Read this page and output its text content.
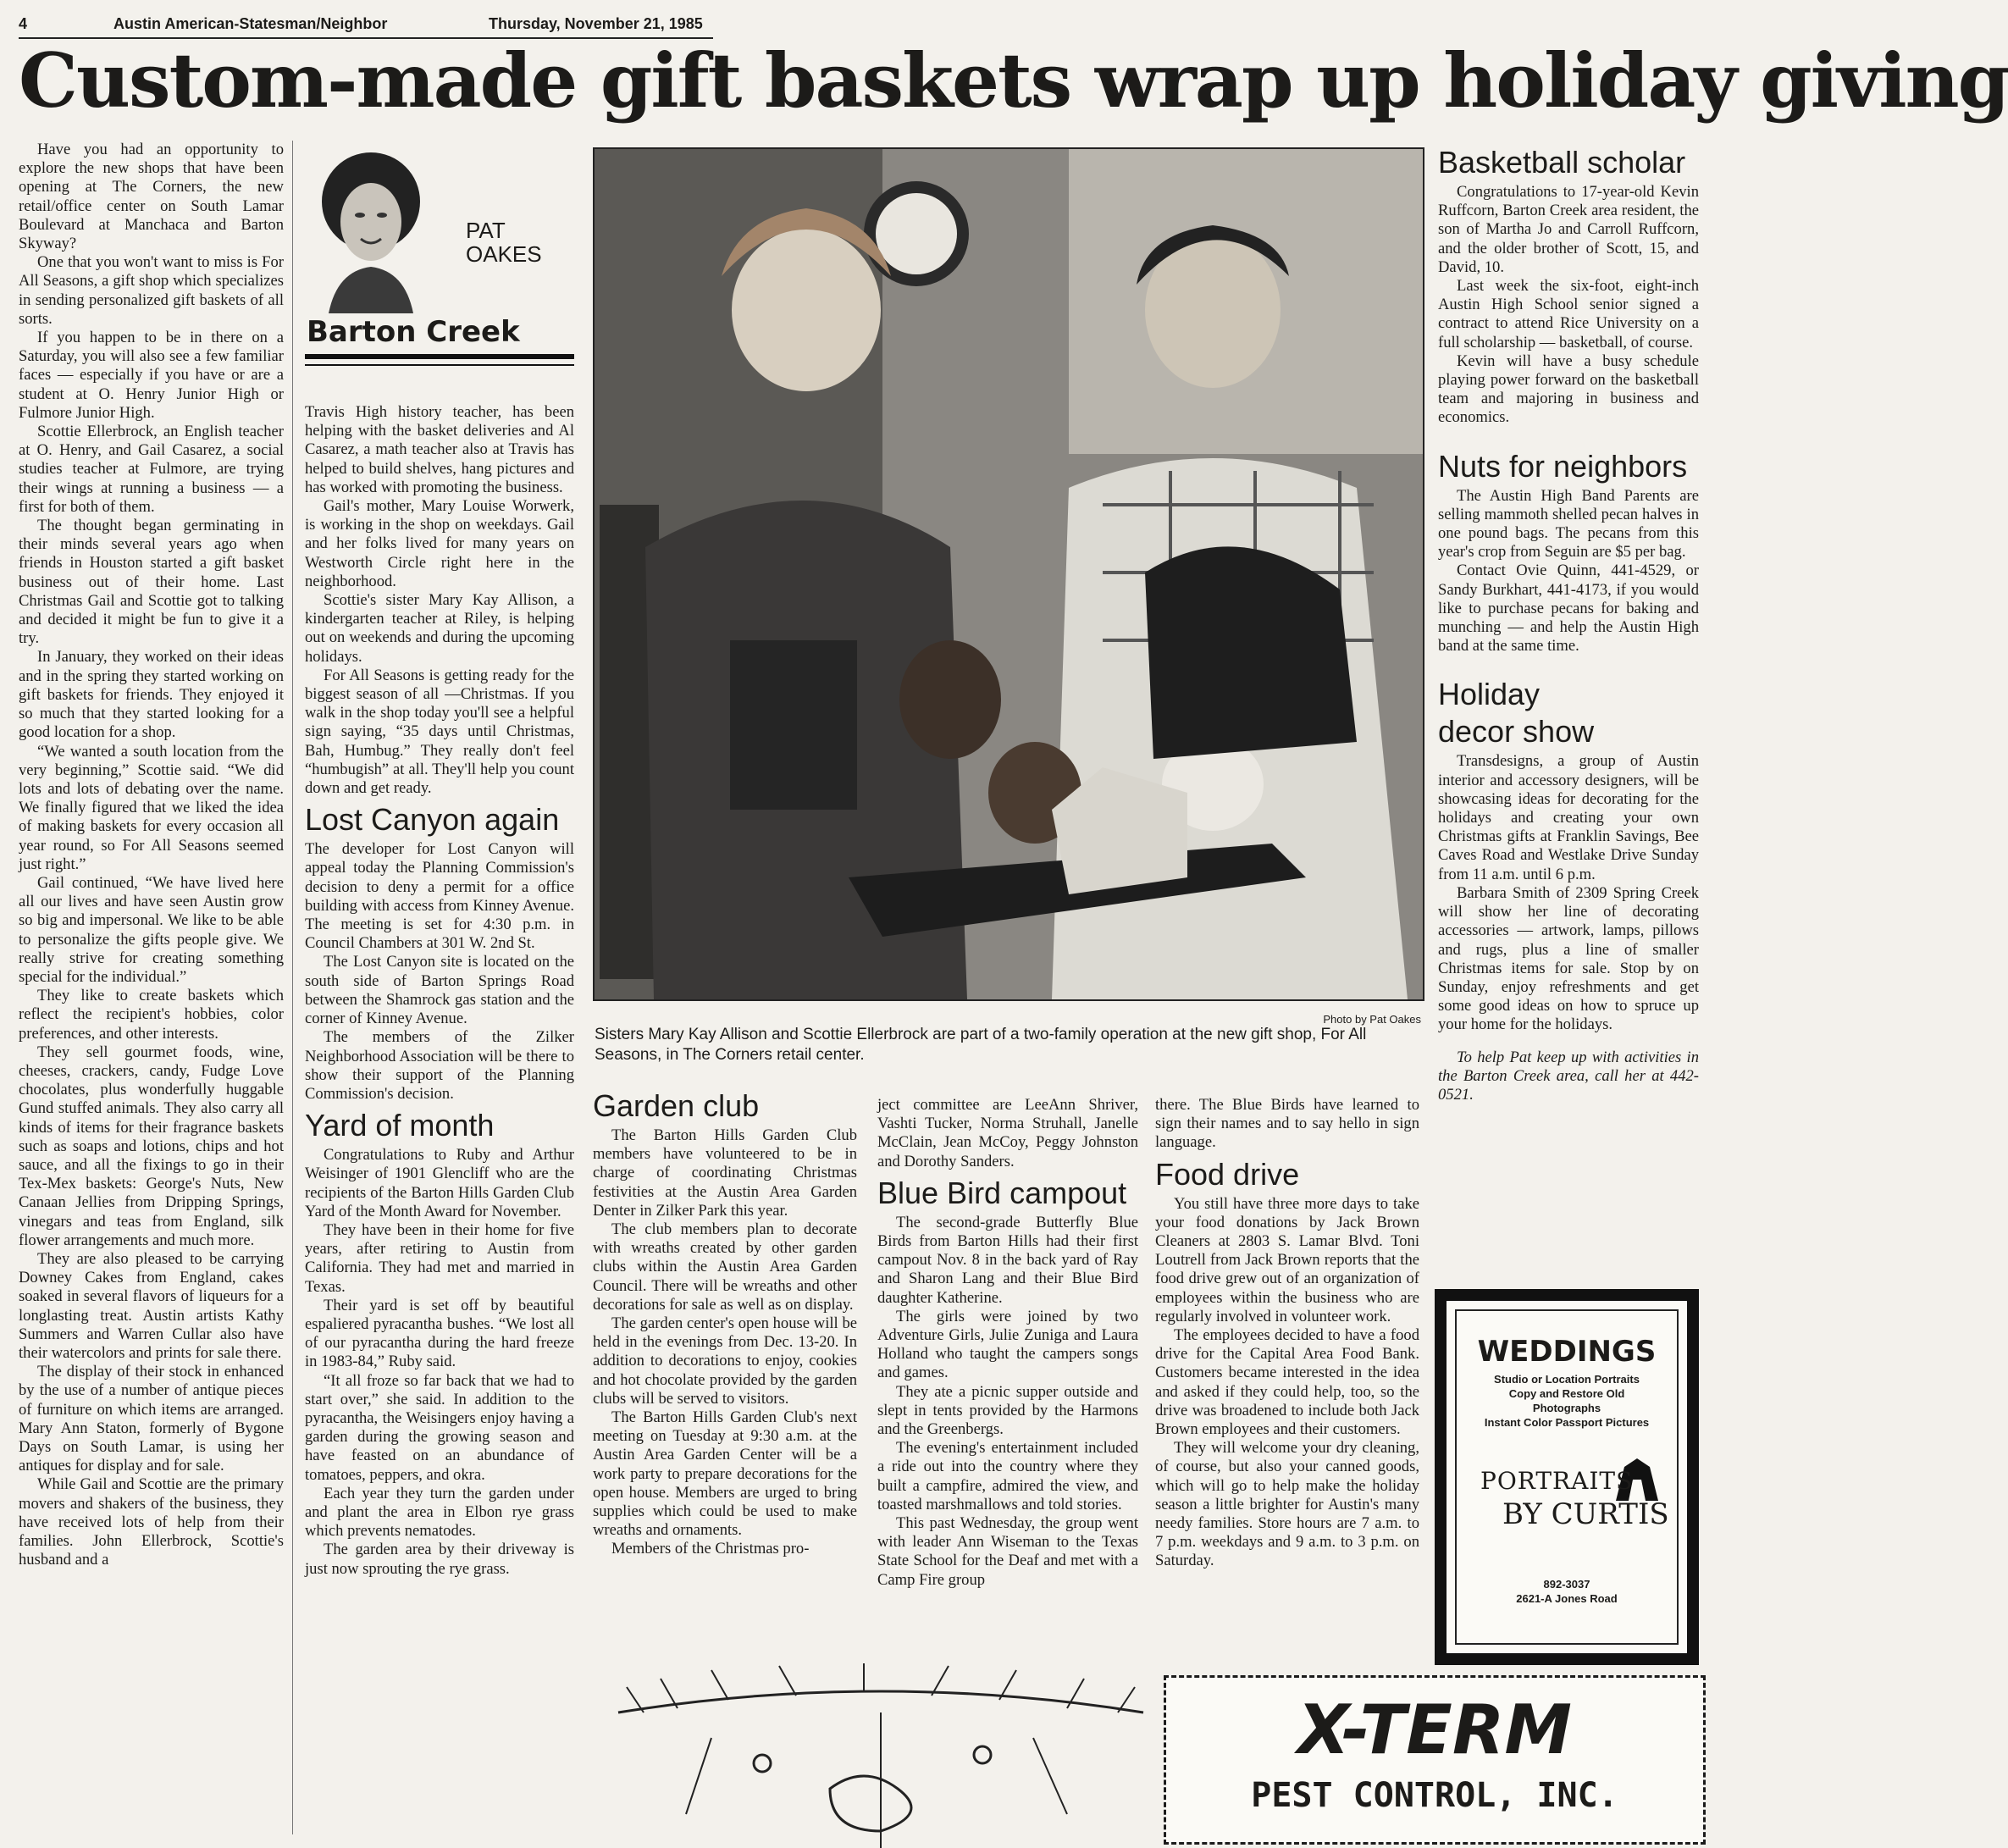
4	Austin American-Statesman/Neighbor	Thursday, November 21, 1985
Custom-made gift baskets wrap up holiday giving

Have you had an opportunity to explore the new shops that have been opening at The Corners, the new retail/office center on South Lamar Boulevard at Manchaca and Barton Skyway?

One that you won't want to miss is For All Seasons, a gift shop which specializes in sending personalized gift baskets of all sorts.

If you happen to be in there on a Saturday, you will also see a few familiar faces — especially if you have or are a student at O. Henry Junior High or Fulmore Junior High.

Scottie Ellerbrock, an English teacher at O. Henry, and Gail Casarez, a social studies teacher at Fulmore, are trying their wings at running a business — a first for both of them.

The thought began germinating in their minds several years ago when friends in Houston started a gift basket business out of their home. Last Christmas Gail and Scottie got to talking and decided it might be fun to give it a try.

In January, they worked on their ideas and in the spring they started working on gift baskets for friends. They enjoyed it so much that they started looking for a good location for a shop.

“We wanted a south location from the very beginning,” Scottie said. “We did lots and lots of debating over the name. We finally figured that we liked the idea of making baskets for every occasion all year round, so For All Seasons seemed just right.”

Gail continued, “We have lived here all our lives and have seen Austin grow so big and impersonal. We like to be able to personalize the gifts people give. We really strive for creating something special for the individual.”

They like to create baskets which reflect the recipient's hobbies, color preferences, and other interests.

They sell gourmet foods, wine, cheeses, crackers, candy, Fudge Love chocolates, plus wonderfully huggable Gund stuffed animals. They also carry all kinds of items for their fragrance baskets such as soaps and lotions, chips and hot sauce, and all the fixings to go in their Tex-Mex baskets: George's Nuts, New Canaan Jellies from Dripping Springs, vinegars and teas from England, silk flower arrangements and much more.

They are also pleased to be carrying Downey Cakes from England, cakes soaked in several flavors of liqueurs for a longlasting treat. Austin artists Kathy Summers and Warren Cullar also have their watercolors and prints for sale there.

The display of their stock in enhanced by the use of a number of antique pieces of furniture on which items are arranged. Mary Ann Staton, formerly of Bygone Days on South Lamar, is using her antiques for display and for sale.

While Gail and Scottie are the primary movers and shakers of the business, they have received lots of help from their families. John Ellerbrock, Scottie's husband and a

PAT
OAKES
Barton Creek

Travis High history teacher, has been helping with the basket deliveries and Al Casarez, a math teacher also at Travis has helped to build shelves, hang pictures and has worked with promoting the business.

Gail's mother, Mary Louise Worwerk, is working in the shop on weekdays. Gail and her folks lived for many years on Westworth Circle right here in the neighborhood.

Scottie's sister Mary Kay Allison, a kindergarten teacher at Riley, is helping out on weekends and during the upcoming holidays.

For All Seasons is getting ready for the biggest season of all —Christmas. If you walk in the shop today you'll see a helpful sign saying, “35 days until Christmas, Bah, Humbug.” They really don't feel “humbugish” at all. They'll help you count down and get ready.

Lost Canyon again

The developer for Lost Canyon will appeal today the Planning Commission's decision to deny a permit for a office building with access from Kinney Avenue. The meeting is set for 4:30 p.m. in Council Chambers at 301 W. 2nd St.

The Lost Canyon site is located on the south side of Barton Springs Road between the Shamrock gas station and the corner of Kinney Avenue.

The members of the Zilker Neighborhood Association will be there to show their support of the Planning Commission's decision.

Yard of month

Congratulations to Ruby and Arthur Weisinger of 1901 Glencliff who are the recipients of the Barton Hills Garden Club Yard of the Month Award for November.

They have been in their home for five years, after retiring to Austin from California. They had met and married in Texas.

Their yard is set off by beautiful espaliered pyracantha bushes. “We lost all of our pyracantha during the hard freeze in 1983-84,” Ruby said.

“It all froze so far back that we had to start over,” she said. In addition to the pyracantha, the Weisingers enjoy having a garden during the growing season and have feasted on an abundance of tomatoes, peppers, and okra.

Each year they turn the garden under and plant the area in Elbon rye grass which prevents nematodes.

The garden area by their driveway is just now sprouting the rye grass.

Photo by Pat Oakes
Sisters Mary Kay Allison and Scottie Ellerbrock are part of a two-family operation at the new gift shop, For All Seasons, in The Corners retail center.
Garden club

The Barton Hills Garden Club members have volunteered to be in charge of coordinating Christmas festivities at the Austin Area Garden Denter in Zilker Park this year.

The club members plan to decorate with wreaths created by other garden clubs within the Austin Area Garden Council. There will be wreaths and other decorations for sale as well as on display.

The garden center's open house will be held in the evenings from Dec. 13-20. In addition to decorations to enjoy, cookies and hot chocolate provided by the garden clubs will be served to visitors.

The Barton Hills Garden Club's next meeting on Tuesday at 9:30 a.m. at the Austin Area Garden Center will be a work party to prepare decorations for the open house. Members are urged to bring supplies which could be used to make wreaths and ornaments.

Members of the Christmas pro-

ject committee are LeeAnn Shriver, Vashti Tucker, Norma Struhall, Janelle McClain, Jean McCoy, Peggy Johnston and Dorothy Sanders.

Blue Bird campout

The second-grade Butterfly Blue Birds from Barton Hills had their first campout Nov. 8 in the back yard of Ray and Sharon Lang and their Blue Bird daughter Katherine.

The girls were joined by two Adventure Girls, Julie Zuniga and Laura Holland who taught the campers songs and games.

They ate a picnic supper outside and slept in tents provided by the Harmons and the Greenbergs.

The evening's entertainment included a ride out into the country where they built a campfire, admired the view, and toasted marshmallows and told stories.

This past Wednesday, the group went with leader Ann Wiseman to the Texas State School for the Deaf and met with a Camp Fire group

there. The Blue Birds have learned to sign their names and to say hello in sign language.

Food drive

You still have three more days to take your food donations by Jack Brown Cleaners at 2803 S. Lamar Blvd. Toni Loutrell from Jack Brown reports that the food drive grew out of an organization of employees within the business who are regularly involved in volunteer work.

The employees decided to have a food drive for the Capital Area Food Bank. Customers became interested in the idea and asked if they could help, too, so the drive was broadened to include both Jack Brown employees and their customers.

They will welcome your dry cleaning, of course, but also your canned goods, which will go to help make the holiday season a little brighter for Austin's many needy families. Store hours are 7 a.m. to 7 p.m. weekdays and 9 a.m. to 3 p.m. on Saturday.

Basketball scholar

Congratulations to 17-year-old Kevin Ruffcorn, Barton Creek area resident, the son of Martha Jo and Carroll Ruffcorn, and the older brother of Scott, 15, and David, 10.

Last week the six-foot, eight-inch Austin High School senior signed a contract to attend Rice University on a full scholarship — basketball, of course.

Kevin will have a busy schedule playing power forward on the basketball team and majoring in business and economics.

Nuts for neighbors

The Austin High Band Parents are selling mammoth shelled pecan halves in one pound bags. The pecans from this year's crop from Seguin are $5 per bag.

Contact Ovie Quinn, 441-4529, or Sandy Burkhart, 441-4173, if you would like to purchase pecans for baking and munching — and help the Austin High band at the same time.

Holiday
decor show

Transdesigns, a group of Austin interior and accessory designers, will be showcasing ideas for decorating for the holidays and creating your own Christmas gifts at Franklin Savings, Bee Caves Road and Westlake Drive Sunday from 11 a.m. until 6 p.m.

Barbara Smith of 2309 Spring Creek will show her line of decorating accessories — artwork, lamps, pillows and rugs, plus a line of smaller Christmas items for sale. Stop by on Sunday, enjoy refreshments and get some good ideas on how to spruce up your home for the holidays.

To help Pat keep up with activities in the Barton Creek area, call her at 442-0521.

WEDDINGS
Studio or Location Portraits
Copy and Restore Old
Photographs
Instant Color Passport Pictures
PORTRAITS
BY CURTIS
892-3037
2621-A Jones Road
X-TERM
PEST CONTROL, INC.
